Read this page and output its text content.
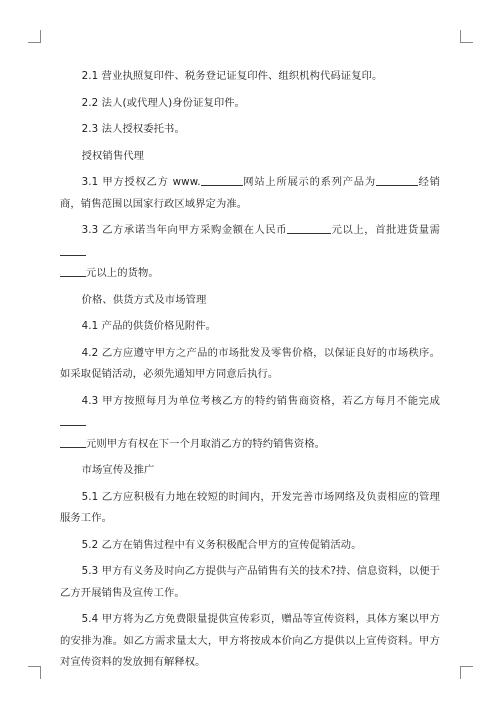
2.1 营业执照复印件、税务登记证复印件、组织机构代码证复印。

2.2 法人(或代理人)身份证复印件。

2.3 法人授权委托书。

授权销售代理

3.1 甲方授权乙方 www.	网站上所展示的系列产品为	经销商，销售范围以国家行政区域界定为准。

3.3 乙方承诺当年向甲方采购金额在人民币	元以上，首批进货量需
元以上的货物。

价格、供货方式及市场管理

4.1 产品的供货价格见附件。

4.2 乙方应遵守甲方之产品的市场批发及零售价格，以保证良好的市场秩序。如采取促销活动，必须先通知甲方同意后执行。

4.3 甲方按照每月为单位考核乙方的特约销售商资格，若乙方每月不能完成
元则甲方有权在下一个月取消乙方的特约销售资格。

市场宣传及推广

5.1 乙方应积极有力地在较短的时间内，开发完善市场网络及负责相应的管理服务工作。

5.2 乙方在销售过程中有义务积极配合甲方的宣传促销活动。

5.3 甲方有义务及时向乙方提供与产品销售有关的技术?持、信息资料，以便于乙方开展销售及宣传工作。

5.4 甲方将为乙方免费限量提供宣传彩页，赠品等宣传资料，具体方案以甲方的安排为准。如乙方需求量太大，甲方将按成本价向乙方提供以上宣传资料。甲方对宣传资料的发放拥有解释权。
